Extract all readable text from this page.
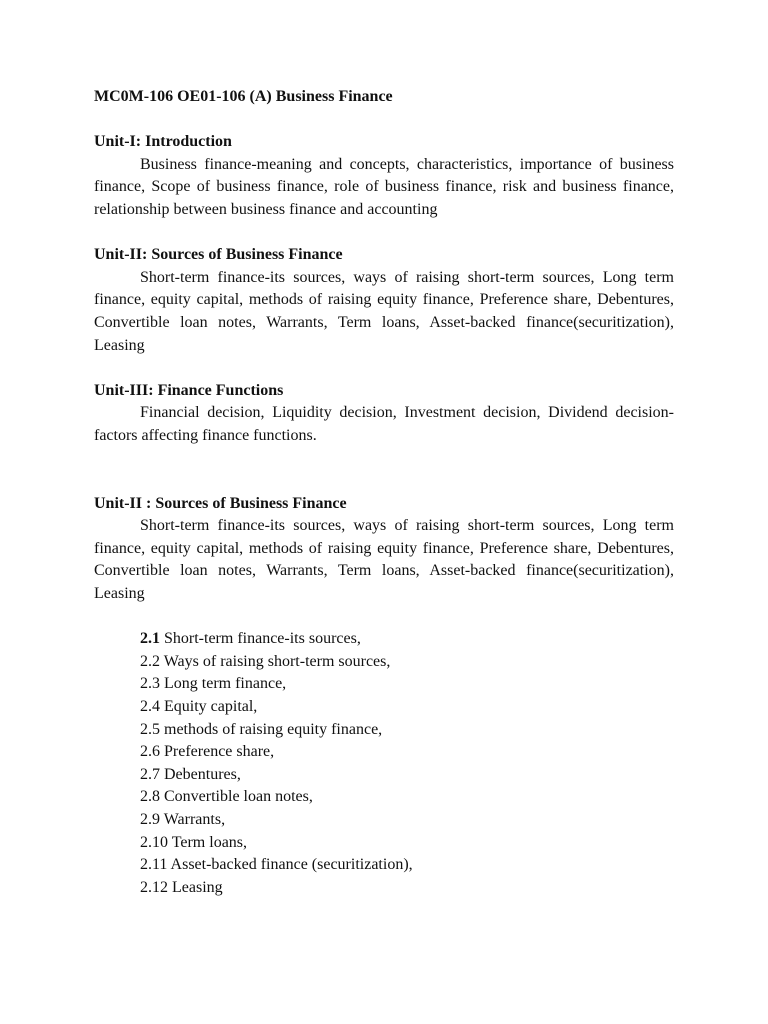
MC0M-106 OE01-106 (A) Business Finance
Unit-I: Introduction

Business finance-meaning and concepts, characteristics, importance of business finance, Scope of business finance, role of business finance, risk and business finance, relationship between business finance and accounting

Unit-II: Sources of Business Finance

Short-term finance-its sources, ways of raising short-term sources, Long term finance, equity capital, methods of raising equity finance, Preference share, Debentures, Convertible loan notes, Warrants, Term loans, Asset-backed finance(securitization), Leasing

Unit-III: Finance Functions

Financial decision, Liquidity decision, Investment decision, Dividend decision- factors affecting finance functions.

Unit-II : Sources of Business Finance

Short-term finance-its sources, ways of raising short-term sources, Long term finance, equity capital, methods of raising equity finance, Preference share, Debentures, Convertible loan notes, Warrants, Term loans, Asset-backed finance(securitization), Leasing

2.1 Short-term finance-its sources,
2.2 Ways of raising short-term sources,
2.3 Long term finance,
2.4 Equity capital,
2.5 methods of raising equity finance,
2.6 Preference share,
2.7 Debentures,
2.8 Convertible loan notes,
2.9 Warrants,
2.10 Term loans,
2.11 Asset-backed finance (securitization),
2.12 Leasing
